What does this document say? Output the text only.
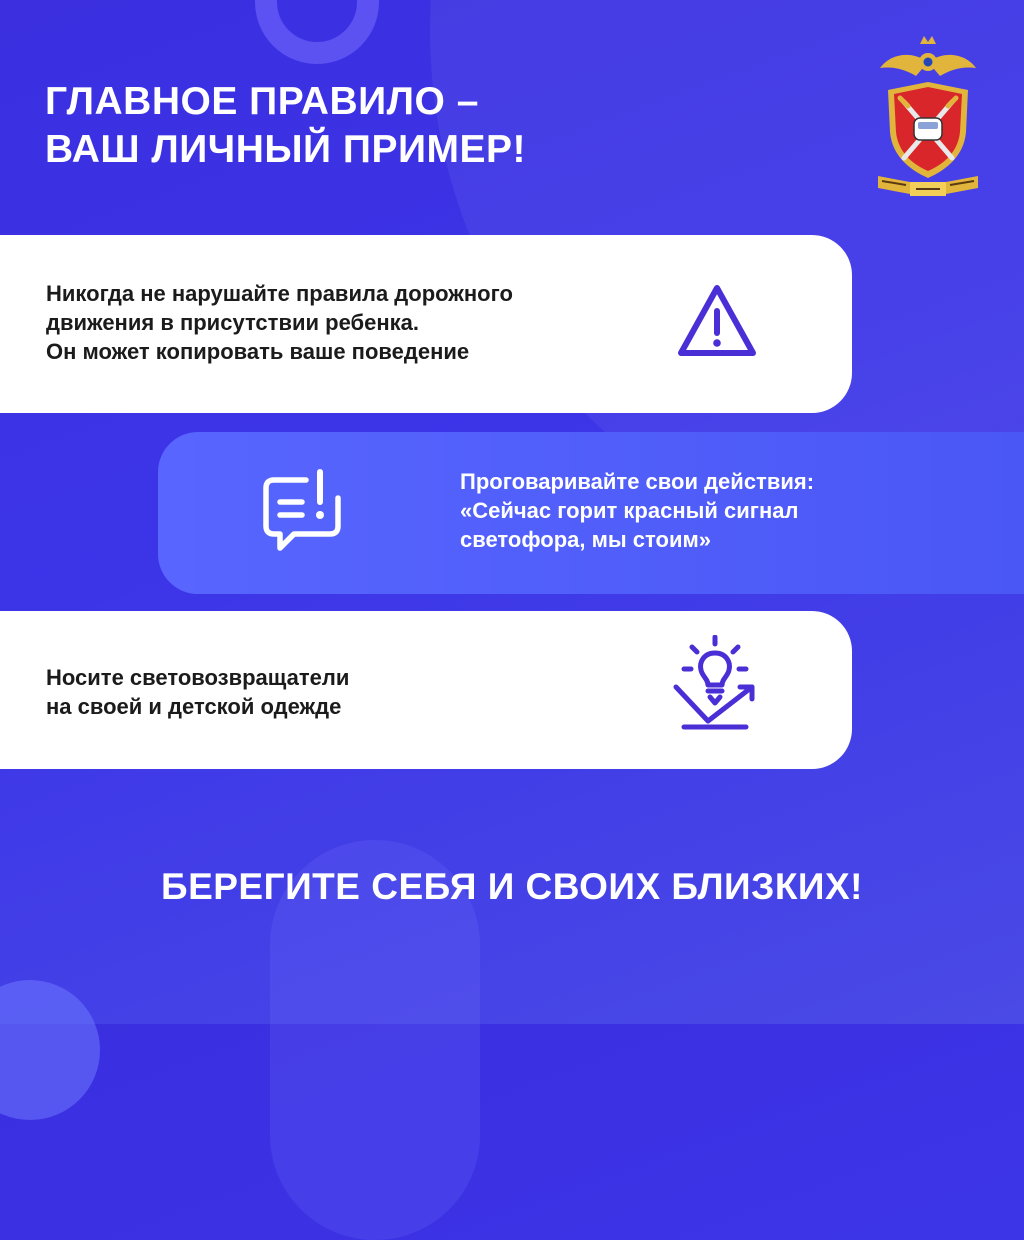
ГЛАВНОЕ ПРАВИЛО –
ВАШ ЛИЧНЫЙ ПРИМЕР!
Никогда не нарушайте правила дорожного
движения в присутствии ребенка.
Он может копировать ваше поведение
Проговаривайте свои действия:
«Сейчас горит красный сигнал
светофора, мы стоим»
Носите световозвращатели
на своей и детской одежде
БЕРЕГИТЕ СЕБЯ И СВОИХ БЛИЗКИХ!
